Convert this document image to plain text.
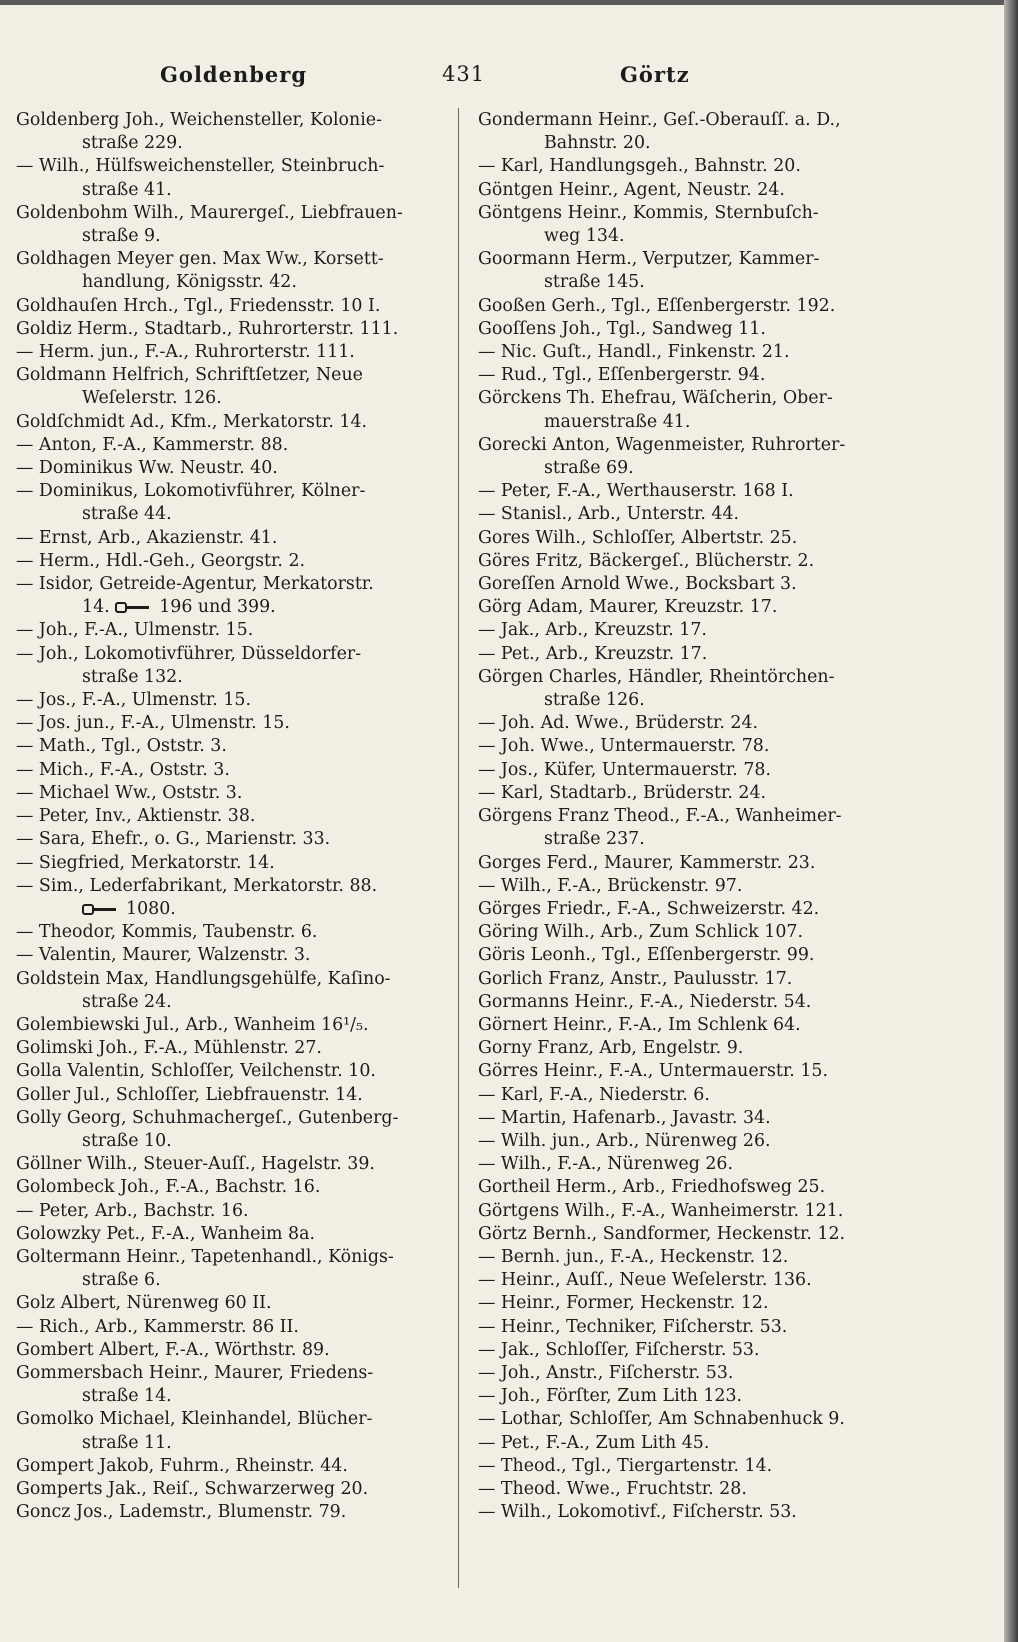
Goldenberg	431	Görtz
Goldenberg Joh., Weichensteller, Kolonie-
straße 229.
— Wilh., Hülfsweichensteller, Steinbruch-
straße 41.
Goldenbohm Wilh., Maurergeſ., Liebfrauen-
straße 9.
Goldhagen Meyer gen. Max Ww., Korsett-
handlung, Königsstr. 42.
Goldhauſen Hrch., Tgl., Friedensstr. 10 I.
Goldiz Herm., Stadtarb., Ruhrorterstr. 111.
— Herm. jun., F.-A., Ruhrorterstr. 111.
Goldmann Helfrich, Schriftſetzer, Neue
Weſelerstr. 126.
Goldſchmidt Ad., Kfm., Merkatorstr. 14.
— Anton, F.-A., Kammerstr. 88.
— Dominikus Ww. Neustr. 40.
— Dominikus, Lokomotivführer, Kölner-
straße 44.
— Ernst, Arb., Akazienstr. 41.
— Herm., Hdl.-Geh., Georgstr. 2.
— Isidor, Getreide-Agentur, Merkatorstr.
14.	196 und 399.
— Joh., F.-A., Ulmenstr. 15.
— Joh., Lokomotivführer, Düsseldorfer-
straße 132.
— Jos., F.-A., Ulmenstr. 15.
— Jos. jun., F.-A., Ulmenstr. 15.
— Math., Tgl., Oststr. 3.
— Mich., F.-A., Oststr. 3.
— Michael Ww., Oststr. 3.
— Peter, Inv., Aktienstr. 38.
— Sara, Ehefr., o. G., Marienstr. 33.
— Siegfried, Merkatorstr. 14.
— Sim., Lederfabrikant, Merkatorstr. 88.
1080.
— Theodor, Kommis, Taubenstr. 6.
— Valentin, Maurer, Walzenstr. 3.
Goldstein Max, Handlungsgehülfe, Kaſino-
straße 24.
Golembiewski Jul., Arb., Wanheim 16¹/₅.
Golimski Joh., F.-A., Mühlenstr. 27.
Golla Valentin, Schloſſer, Veilchenstr. 10.
Goller Jul., Schloſſer, Liebfrauenstr. 14.
Golly Georg, Schuhmachergeſ., Gutenberg-
straße 10.
Göllner Wilh., Steuer-Auſſ., Hagelstr. 39.
Golombeck Joh., F.-A., Bachstr. 16.
— Peter, Arb., Bachstr. 16.
Golowzky Pet., F.-A., Wanheim 8a.
Goltermann Heinr., Tapetenhandl., Königs-
straße 6.
Golz Albert, Nürenweg 60 II.
— Rich., Arb., Kammerstr. 86 II.
Gombert Albert, F.-A., Wörthstr. 89.
Gommersbach Heinr., Maurer, Friedens-
straße 14.
Gomolko Michael, Kleinhandel, Blücher-
straße 11.
Gompert Jakob, Fuhrm., Rheinstr. 44.
Gomperts Jak., Reiſ., Schwarzerweg 20.
Goncz Jos., Lademstr., Blumenstr. 79.
Gondermann Heinr., Geſ.-Oberauſſ. a. D.,
Bahnstr. 20.
— Karl, Handlungsgeh., Bahnstr. 20.
Göntgen Heinr., Agent, Neustr. 24.
Göntgens Heinr., Kommis, Sternbuſch-
weg 134.
Goormann Herm., Verputzer, Kammer-
straße 145.
Gooßen Gerh., Tgl., Eſſenbergerstr. 192.
Gooſſens Joh., Tgl., Sandweg 11.
— Nic. Guſt., Handl., Finkenstr. 21.
— Rud., Tgl., Eſſenbergerstr. 94.
Görckens Th. Ehefrau, Wäſcherin, Ober-
mauerstraße 41.
Gorecki Anton, Wagenmeister, Ruhrorter-
straße 69.
— Peter, F.-A., Werthauserstr. 168 I.
— Stanisl., Arb., Unterstr. 44.
Gores Wilh., Schloſſer, Albertstr. 25.
Göres Fritz, Bäckergeſ., Blücherstr. 2.
Goreſſen Arnold Wwe., Bocksbart 3.
Görg Adam, Maurer, Kreuzstr. 17.
— Jak., Arb., Kreuzstr. 17.
— Pet., Arb., Kreuzstr. 17.
Görgen Charles, Händler, Rheintörchen-
straße 126.
— Joh. Ad. Wwe., Brüderstr. 24.
— Joh. Wwe., Untermauerstr. 78.
— Jos., Küfer, Untermauerstr. 78.
— Karl, Stadtarb., Brüderstr. 24.
Görgens Franz Theod., F.-A., Wanheimer-
straße 237.
Gorges Ferd., Maurer, Kammerstr. 23.
— Wilh., F.-A., Brückenstr. 97.
Görges Friedr., F.-A., Schweizerstr. 42.
Göring Wilh., Arb., Zum Schlick 107.
Göris Leonh., Tgl., Eſſenbergerstr. 99.
Gorlich Franz, Anstr., Paulusstr. 17.
Gormanns Heinr., F.-A., Niederstr. 54.
Görnert Heinr., F.-A., Im Schlenk 64.
Gorny Franz, Arb, Engelstr. 9.
Görres Heinr., F.-A., Untermauerstr. 15.
— Karl, F.-A., Niederstr. 6.
— Martin, Hafenarb., Javastr. 34.
— Wilh. jun., Arb., Nürenweg 26.
— Wilh., F.-A., Nürenweg 26.
Gortheil Herm., Arb., Friedhofsweg 25.
Görtgens Wilh., F.-A., Wanheimerstr. 121.
Görtz Bernh., Sandformer, Heckenstr. 12.
— Bernh. jun., F.-A., Heckenstr. 12.
— Heinr., Auſſ., Neue Weſelerstr. 136.
— Heinr., Former, Heckenstr. 12.
— Heinr., Techniker, Fiſcherstr. 53.
— Jak., Schloſſer, Fiſcherstr. 53.
— Joh., Anstr., Fiſcherstr. 53.
— Joh., Förſter, Zum Lith 123.
— Lothar, Schloſſer, Am Schnabenhuck 9.
— Pet., F.-A., Zum Lith 45.
— Theod., Tgl., Tiergartenstr. 14.
— Theod. Wwe., Fruchtstr. 28.
— Wilh., Lokomotivf., Fiſcherstr. 53.
